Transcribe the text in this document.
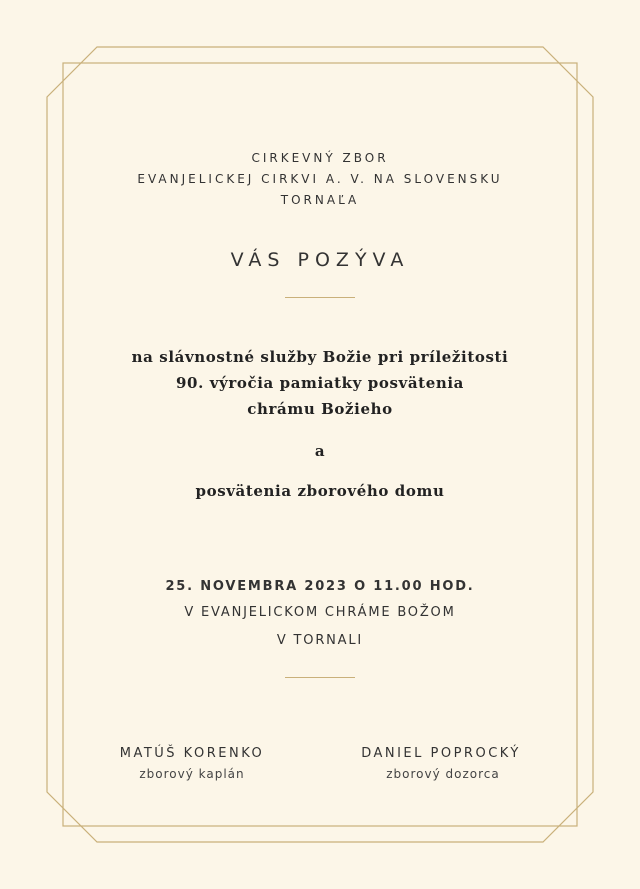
CIRKEVNÝ ZBOR
EVANJELICKEJ CIRKVI A. V. NA SLOVENSKU
TORNAĽA
VÁS POZÝVA
na slávnostné služby Božie pri príležitosti
90. výročia pamiatky posvätenia
chrámu Božieho
a
posvätenia zborového domu
25. NOVEMBRA 2023 O 11.00 HOD.
V EVANJELICKOM CHRÁME BOŽOM
V TORNALI
MATÚŠ KORENKO
zborový kaplán
DANIEL POPROCKÝ
zborový dozorca
